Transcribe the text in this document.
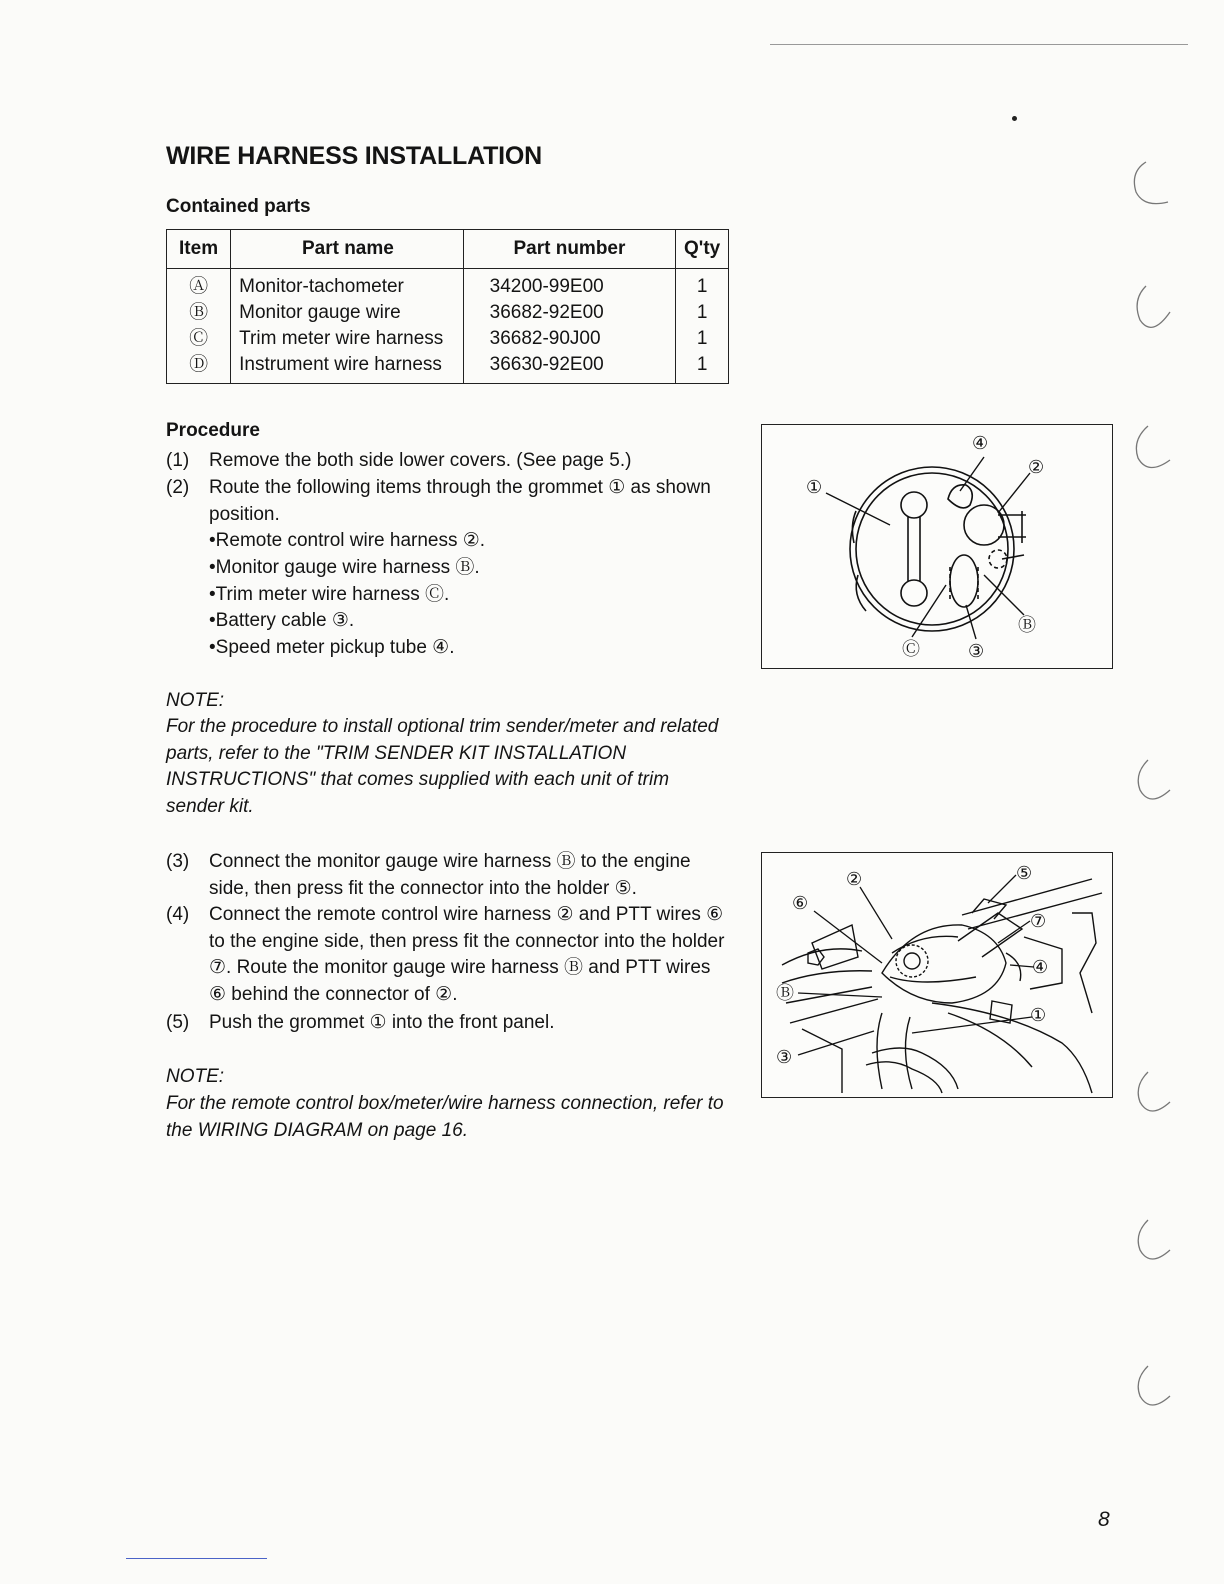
WIRE HARNESS INSTALLATION
Contained parts
Item	Part name	Part number	Q'ty
Ⓐ	Monitor-tachometer	34200-99E00	1
Ⓑ	Monitor gauge wire	36682-92E00	1
Ⓒ	Trim meter wire harness	36682-90J00	1
Ⓓ	Instrument wire harness	36630-92E00	1
Procedure
(1) Remove the both side lower covers. (See page 5.)
(2) Route the following items through the grommet ① as shown position.
•Remote control wire harness ②.
•Monitor gauge wire harness Ⓑ.
•Trim meter wire harness Ⓒ.
•Battery cable ③.
•Speed meter pickup tube ④.
NOTE:
For the procedure to install optional trim sender/meter and related parts, refer to the "TRIM SENDER KIT INSTALLATION INSTRUCTIONS" that comes supplied with each unit of trim sender kit.
(3) Connect the monitor gauge wire harness Ⓑ to the engine side, then press fit the connector into the holder ⑤.
(4) Connect the remote control wire harness ② and PTT wires ⑥ to the engine side, then press fit the connector into the holder ⑦. Route the monitor gauge wire harness Ⓑ and PTT wires ⑥ behind the connector of ②.
(5) Push the grommet ① into the front panel.
NOTE:
For the remote control box/meter/wire harness connection, refer to the WIRING DIAGRAM on page 16.
①
④
②
Ⓑ
Ⓒ	③
②	⑤
⑥
⑦
④
①
Ⓑ
③
8
